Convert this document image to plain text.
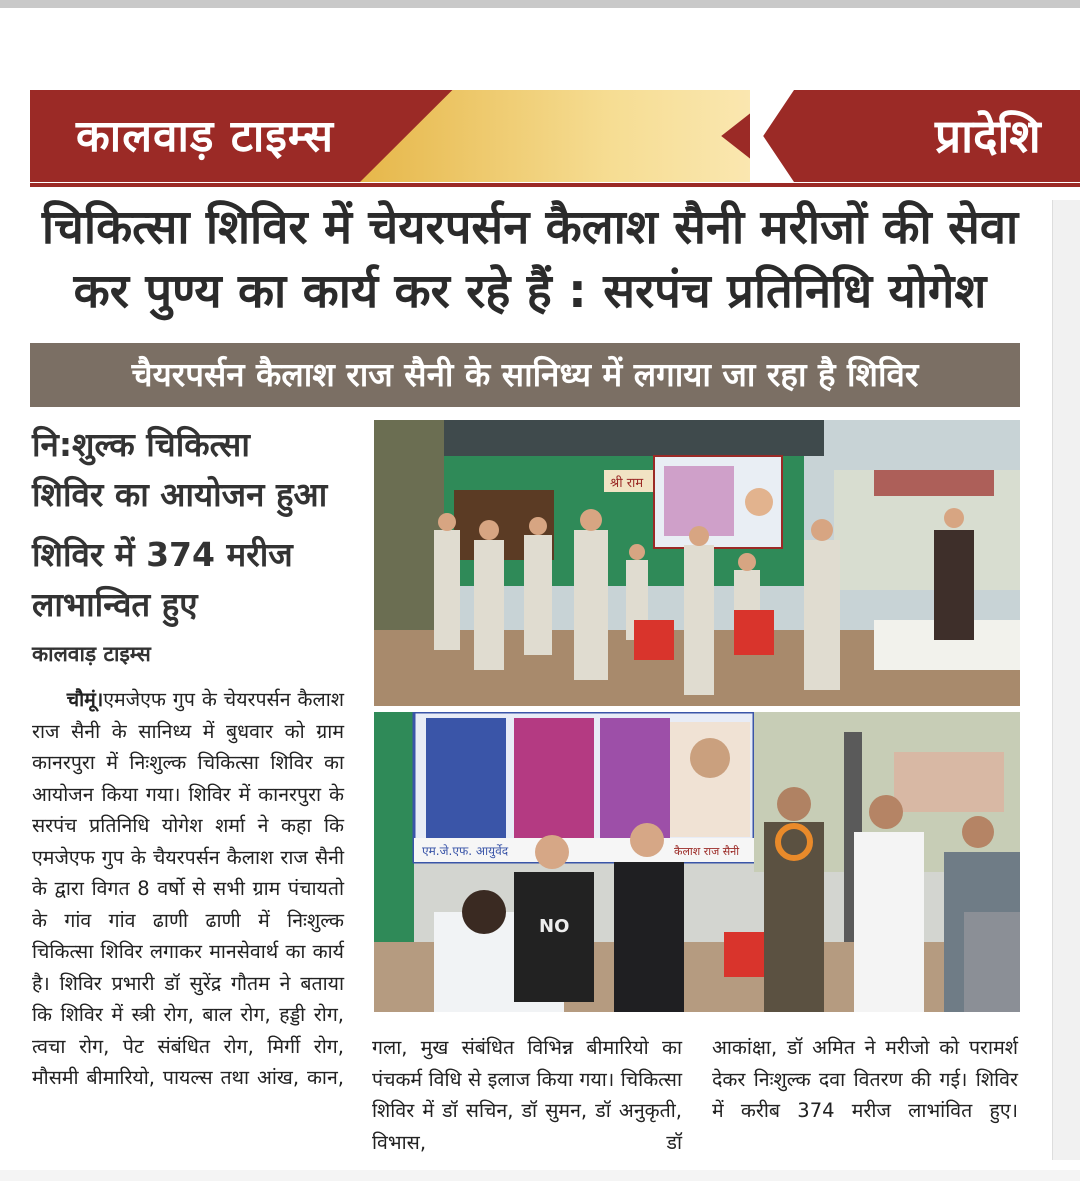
कालवाड़ टाइम्स	प्रादेशि
चिकित्सा शिविर में चेयरपर्सन कैलाश सैनी मरीजों की सेवा
कर पुण्य का कार्य कर रहे हैं : सरपंच प्रतिनिधि योगेश
चैयरपर्सन कैलाश राज सैनी के सानिध्य में लगाया जा रहा है शिविर
नि:शुल्क चिकित्सा
शिविर का आयोजन हुआ
शिविर में 374 मरीज
लाभान्वित हुए
कालवाड़ टाइम्स
चौमूं।एमजेएफ गुप के चेयरपर्सन कैलाश राज सैनी के सानिध्य में बुधवार को ग्राम कानरपुरा में निःशुल्क चिकित्सा शिविर का आयोजन किया गया। शिविर में कानरपुरा के सरपंच प्रतिनिधि योगेश शर्मा ने कहा कि एमजेएफ गुप के चैयरपर्सन कैलाश राज सैनी के द्वारा विगत 8 वर्षो से सभी ग्राम पंचायतो के गांव गांव ढाणी ढाणी में निःशुल्क चिकित्सा शिविर लगाकर मानसेवार्थ का कार्य है। शिविर प्रभारी डॉ सुरेंद्र गौतम ने बताया कि शिविर में स्त्री रोग, बाल रोग, हड्डी रोग, त्वचा रोग, पेट संबंधित रोग, मिर्गी रोग, मौसमी बीमारियो, पायल्स तथा आंख, कान,
गला, मुख संबंधित विभिन्न बीमारियो का पंचकर्म विधि से इलाज किया गया। चिकित्सा शिविर में डॉ सचिन, डॉ सुमन, डॉ अनुकृती, विभास, डॉ
आकांक्षा, डॉ अमित ने मरीजो को परामर्श देकर निःशुल्क दवा वितरण की गई। शिविर में करीब 374 मरीज लाभांवित हुए।
श्री राम
एम.जे.एफ. आयुर्वेद	कैलाश राज सैनी
NO
